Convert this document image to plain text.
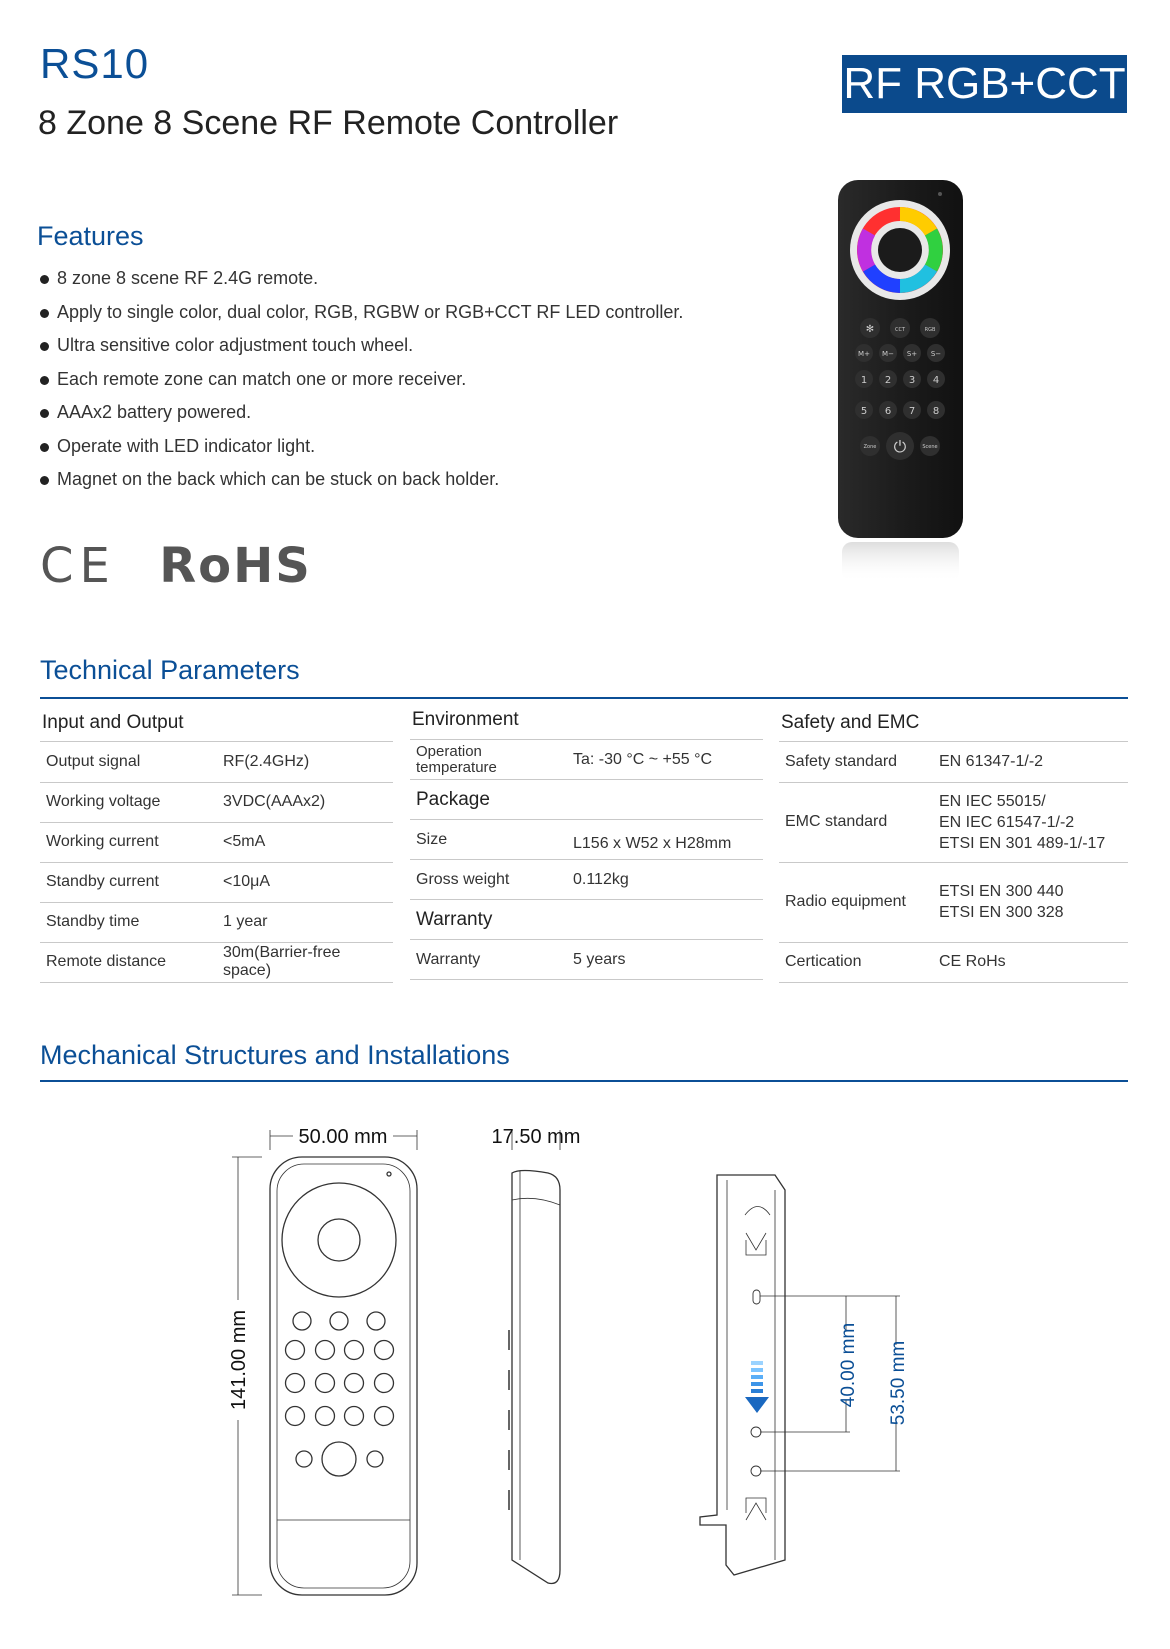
RS10
8 Zone 8 Scene RF Remote Controller
RF RGB+CCT
Features
8 zone 8 scene RF 2.4G remote.
Apply to single color, dual color, RGB, RGBW or RGB+CCT RF LED controller.
Ultra sensitive color adjustment touch wheel.
Each remote zone can match one or more receiver.
AAAx2 battery powered.
Operate with LED indicator light.
Magnet on the back which can be stuck on back holder.
CE RoHS
✻	CCT	RGB
M+ M− S+ S−
1 2 3 4
5 6 7 8
Zone ⏻	Scene
Technical Parameters
Input and Output
Output signal	RF(2.4GHz)
Working voltage	3VDC(AAAx2)
Working current	<5mA
Standby current	<10μA
Standby time	1 year
Remote distance	30m(Barrier-free space)
Environment
Operation
temperature	Ta: -30 °C ~ +55 °C
Package	
Size	L156 x W52 x H28mm
Gross weight	0.112kg
Warranty	
Warranty	5 years
Safety and EMC
Safety standard	EN 61347-1/-2
EMC standard	EN IEC 55015/
EN IEC 61547-1/-2
ETSI EN 301 489-1/-17

Radio equipment	ETSI EN 300 440
ETSI EN 300 328

Certication	CE RoHs
Mechanical Structures and Installations
50.00 mm	17.50 mm
141.00 mm	40.00 mm 53.50 mm
